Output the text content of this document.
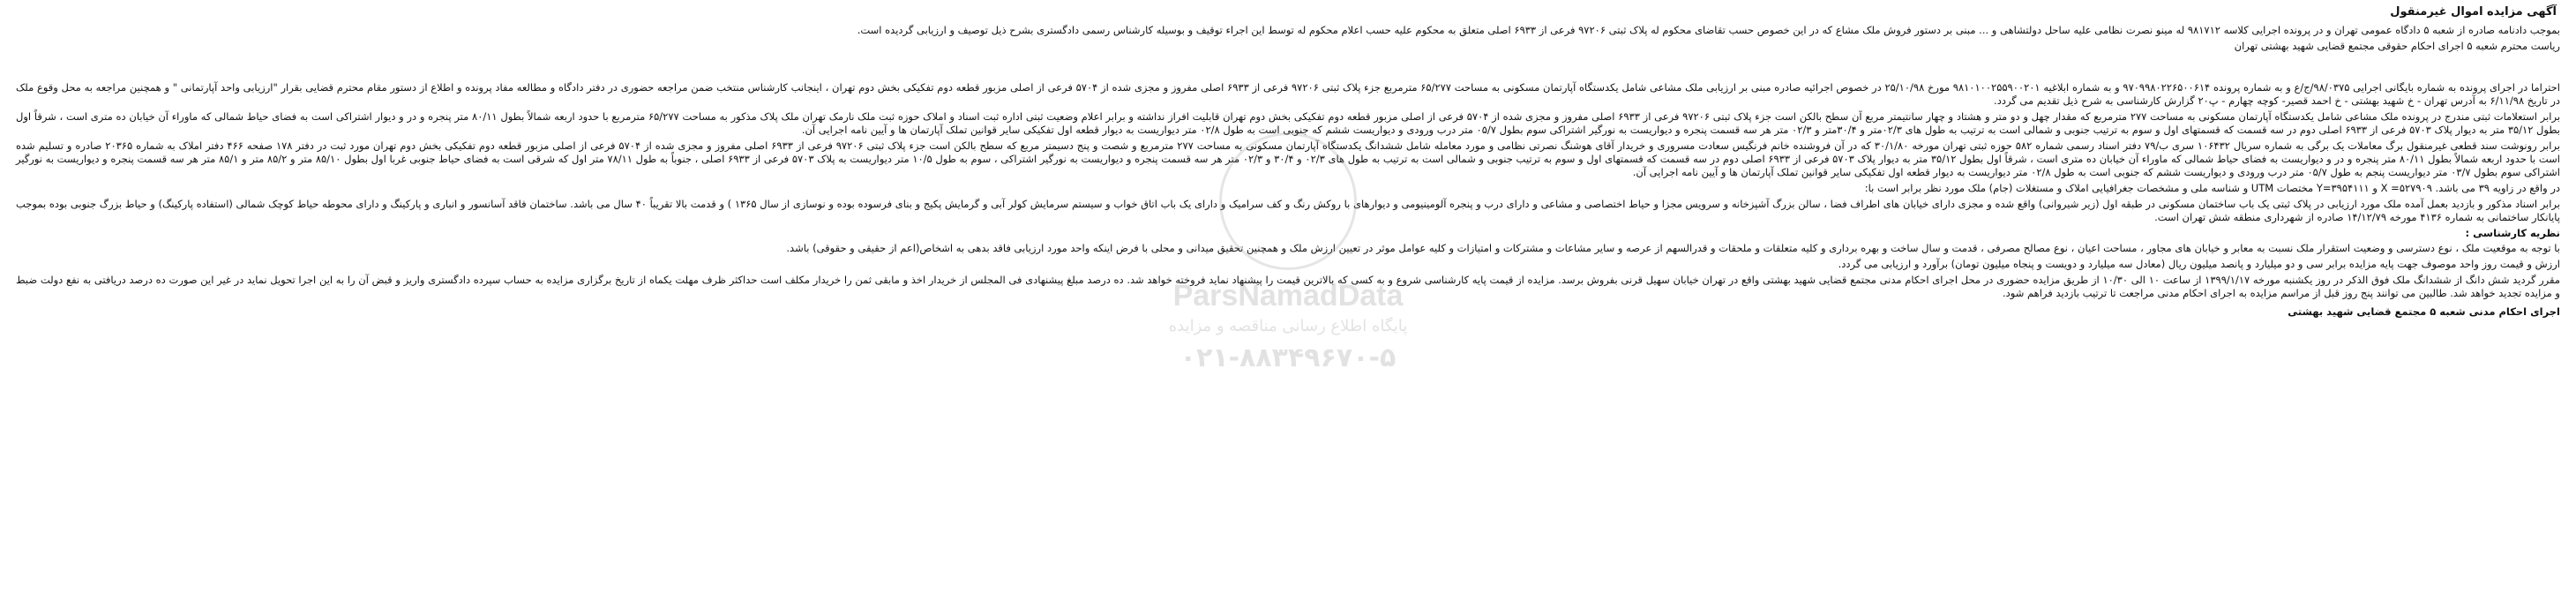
آگهی مزایده اموال غیرمنقول

بموجب دادنامه صادره از شعبه ۵ دادگاه عمومی تهران و در پرونده اجرایی کلاسه ۹۸۱۷۱۲ له مینو نصرت نظامی علیه ساحل دولتشاهی و ... مبنی بر دستور فروش ملک مشاع که در این خصوص حسب تقاضای محکوم له پلاک ثبتی ۹۷۲۰۶ فرعی از ۶۹۳۳ اصلی متعلق به محکوم علیه حسب اعلام محکوم له توسط این اجراء توقیف و بوسیله کارشناس رسمی دادگستری بشرح ذیل توصیف و ارزیابی گردیده است.

ریاست محترم شعبه ۵ اجرای احکام حقوقی مجتمع قضایی شهید بهشتی تهران

احتراما در اجرای پرونده به شماره بایگانی اجرایی ۹۸/۰۳۷۵/ج/ع و به شماره پرونده ۹۷۰۹۹۸۰۲۲۶۵۰۰۶۱۴ و به شماره ابلاغیه ۹۸۱۰۱۰۰۲۵۵۹۰۰۲۰۱ مورخ ۲۵/۱۰/۹۸ در خصوص اجرائیه صادره مبنی بر ارزیابی ملک مشاعی شامل یکدستگاه آپارتمان مسکونی به مساحت ۶۵/۲۷۷ مترمربع جزء پلاک ثبتی ۹۷۲۰۶ فرعی از ۶۹۳۳ اصلی مفروز و مجزی شده از ۵۷۰۴ فرعی از اصلی مزبور قطعه دوم تفکیکی بخش دوم تهران ، اینجانب کارشناس منتخب ضمن مراجعه حضوری در دفتر دادگاه و مطالعه مفاد پرونده و اطلاع از دستور مقام محترم قضایی بقرار "ارزیابی واحد آپارتمانی " و همچنین مراجعه به محل وقوع ملک در تاریخ ۶/۱۱/۹۸ به آدرس تهران - خ شهید بهشتی - خ احمد قصیر- کوچه چهارم - پ۲۰ گزارش کارشناسی به شرح ذیل تقدیم می گردد.

برابر استعلامات ثبتی مندرج در پرونده ملک مشاعی شامل یکدستگاه آپارتمان مسکونی به مساحت ۲۷۷ مترمربع که مقدار چهل و دو متر و هشتاد و چهار سانتیمتر مربع آن سطح بالکن است جزء پلاک ثبتی ۹۷۲۰۶ فرعی از ۶۹۳۳ اصلی مفروز و مجزی شده از ۵۷۰۴ فرعی از اصلی مزبور قطعه دوم تفکیکی بخش دوم تهران قابلیت افراز نداشته و برابر اعلام وضعیت ثبتی اداره ثبت اسناد و املاک حوزه ثبت ملک نارمک تهران ملک پلاک مذکور به مساحت ۶۵/۲۷۷ مترمربع با حدود اربعه شمالاً بطول ۸۰/۱۱ متر پنجره و در و دیوار اشتراکی است به فضای حیاط شمالی که ماوراء آن خیابان ده متری است ، شرقاً اول بطول ۳۵/۱۲ متر به دیوار پلاک ۵۷۰۳ فرعی از ۶۹۳۳ اصلی دوم در سه قسمت که قسمتهای اول و سوم به ترتیب جنوبی و شمالی است به ترتیب به طول های ۰۲/۳متر و ۳۰/۴متر و ۰۲/۳ متر هر سه قسمت پنجره و دیواریست به نورگیر اشتراکی سوم بطول ۰۵/۷ متر درب ورودی و دیواریست ششم که جنوبی است به طول ۰۲/۸ متر دیواریست به دیوار قطعه اول تفکیکی سایر قوانین تملک آپارتمان ها و آیین نامه اجرایی آن.

برابر رونوشت سند قطعی غیرمنقول برگ معاملات یک برگی به شماره سریال ۱۰۶۴۳۲ سری ب/۷۹ دفتر اسناد رسمی شماره ۵۸۲ حوزه ثبتی تهران مورخه ۳۰/۱/۸۰ که در آن فروشنده خانم فرنگیس سعادت مسروری و خریدار آقای هوشنگ نصرتی نظامی و مورد معامله شامل ششدانگ یکدستگاه آپارتمان مسکونی به مساحت ۲۷۷ مترمربع و شصت و پنج دسیمتر مربع که سطح بالکن است جزء پلاک ثبتی ۹۷۲۰۶ فرعی از ۶۹۳۳ اصلی مفروز و مجزی شده از ۵۷۰۴ فرعی از اصلی مزبور قطعه دوم تفکیکی بخش دوم تهران مورد ثبت در دفتر ۱۷۸ صفحه ۴۶۶ دفتر املاک به شماره ۲۰۳۶۵ صادره و تسلیم شده است با حدود اربعه شمالاً بطول ۸۰/۱۱ متر پنجره و در و دیواریست به فضای حیاط شمالی که ماوراء آن خیابان ده متری است ، شرقاً اول بطول ۳۵/۱۲ متر به دیوار پلاک ۵۷۰۳ فرعی از ۶۹۳۳ اصلی دوم در سه قسمت که قسمتهای اول و سوم به ترتیب جنوبی و شمالی است به ترتیب به طول های ۰۲/۳ و ۳۰/۴ و ۰۲/۳ متر هر سه قسمت پنجره و دیواریست به نورگیر اشتراکی ، سوم به طول ۱۰/۵ متر دیواریست به پلاک ۵۷۰۳ فرعی از ۶۹۳۳ اصلی ، جنوباً به طول ۷۸/۱۱ متر اول که شرقی است به فضای حیاط جنوبی غربا اول بطول ۸۵/۱۰ متر و ۸۵/۲ متر و ۸۵/۱ متر هر سه قسمت پنجره و دیواریست به نورگیر اشتراکی سوم بطول ۰۳/۷ متر دیواریست پنجم به طول ۰۵/۷ متر درب ورودی و دیواریست ششم که جنوبی است به طول ۰۲/۸ متر دیواریست به دیوار قطعه اول تفکیکی سایر قوانین تملک آپارتمان ها و آیین نامه اجرایی آن.

در واقع در زاویه ۳۹ می باشد. ۵۲۷۹۰۹= X و ۳۹۵۴۱۱۱=Y مختصات UTM و شناسه ملی و مشخصات جغرافیایی املاک و مستغلات (جام) ملک مورد نظر برابر است با:

برابر اسناد مذکور و بازدید بعمل آمده ملک مورد ارزیابی در پلاک ثبتی یک باب ساختمان مسکونی در طبقه اول (زیر شیروانی) واقع شده و مجزی دارای خیابان های اطراف فضا ، سالن بزرگ آشپزخانه و سرویس مجزا و حیاط اختصاصی و مشاعی و دارای درب و پنجره آلومینیومی و دیوارهای با روکش رنگ و کف سرامیک و دارای یک باب اتاق خواب و سیستم سرمایش کولر آبی و گرمایش پکیج و بنای فرسوده بوده و نوسازی از سال ۱۳۶۵ ) و قدمت بالا تقریباً ۴۰ سال می باشد. ساختمان فاقد آسانسور و انباری و پارکینگ و دارای محوطه حیاط کوچک شمالی (استفاده پارکینگ) و حیاط بزرگ جنوبی بوده بموجب پایانکار ساختمانی به شماره ۴۱۳۶ مورخه ۱۴/۱۲/۷۹ صادره از شهرداری منطقه شش تهران است.

نظریه کارشناسی :

با توجه به موقعیت ملک ، نوع دسترسی و وضعیت استقرار ملک نسبت به معابر و خیابان های مجاور ، مساحت اعیان ، نوع مصالح مصرفی ، قدمت و سال ساخت و بهره برداری و کلیه متعلقات و ملحقات و قدرالسهم از عرصه و سایر مشاعات و مشترکات و امتیازات و کلیه عوامل موثر در تعیین ارزش ملک و همچنین تحقیق میدانی و محلی با فرض اینکه واحد مورد ارزیابی فاقد بدهی به اشخاص(اعم از حقیقی و حقوقی) باشد.

ارزش و قیمت روز واحد موصوف جهت پایه مزایده برابر سی و دو میلیارد و پانصد میلیون ریال (معادل سه میلیارد و دویست و پنجاه میلیون تومان) برآورد و ارزیابی می گردد.

مقرر گردید شش دانگ از ششدانگ ملک فوق الذکر در روز یکشنبه مورخه ۱۳۹۹/۱/۱۷ از ساعت ۱۰ الی ۱۰/۳۰ از طریق مزایده حضوری در محل اجرای احکام مدنی مجتمع قضایی شهید بهشتی واقع در تهران خیابان سهیل قرنی بفروش برسد. مزایده از قیمت پایه کارشناسی شروع و به کسی که بالاترین قیمت را پیشنهاد نماید فروخته خواهد شد. ده درصد مبلغ پیشنهادی فی المجلس از خریدار اخذ و مابقی ثمن را خریدار مکلف است حداکثر ظرف مهلت یکماه از تاریخ برگزاری مزایده به حساب سپرده دادگستری واریز و قبض آن را به این اجرا تحویل نماید در غیر این صورت ده درصد دریافتی به نفع دولت ضبط و مزایده تجدید خواهد شد. طالبین می توانند پنج روز قبل از مراسم مزایده به اجرای احکام مدنی مراجعت تا ترتیب بازدید فراهم شود.

اجرای احکام مدنی شعبه ۵ مجتمع قضایی شهید بهشتی
ParsNamadData
پایگاه اطلاع رسانی مناقصه و مزایده
۰۲۱-۸۸۳۴۹۶۷۰-۵
